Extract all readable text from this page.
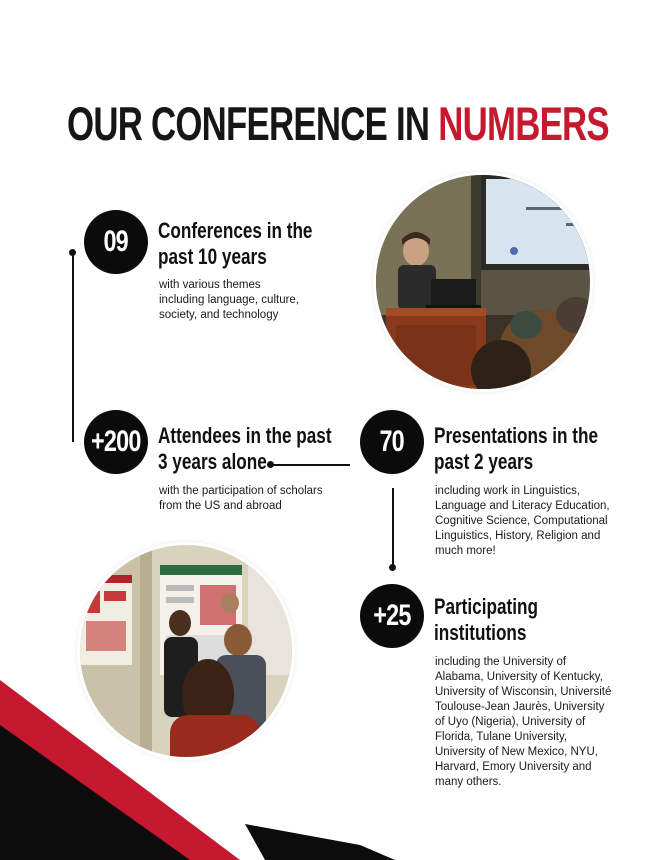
OUR CONFERENCE IN NUMBERS
09 Conferences in the
past 10 years
with various themes
including language, culture,
society, and technology
+200 Attendees in the past
3 years alone
with the participation of scholars
from the US and abroad
70 Presentations in the
past 2 years
including work in Linguistics,
Language and Literacy Education,
Cognitive Science, Computational
Linguistics, History, Religion and
much more!
+25 Participating
institutions
including the University of
Alabama, University of Kentucky,
University of Wisconsin, Université
Toulouse-Jean Jaurès, University
of Uyo (Nigeria), University of
Florida, Tulane University,
University of New Mexico, NYU,
Harvard, Emory University and
many others.
